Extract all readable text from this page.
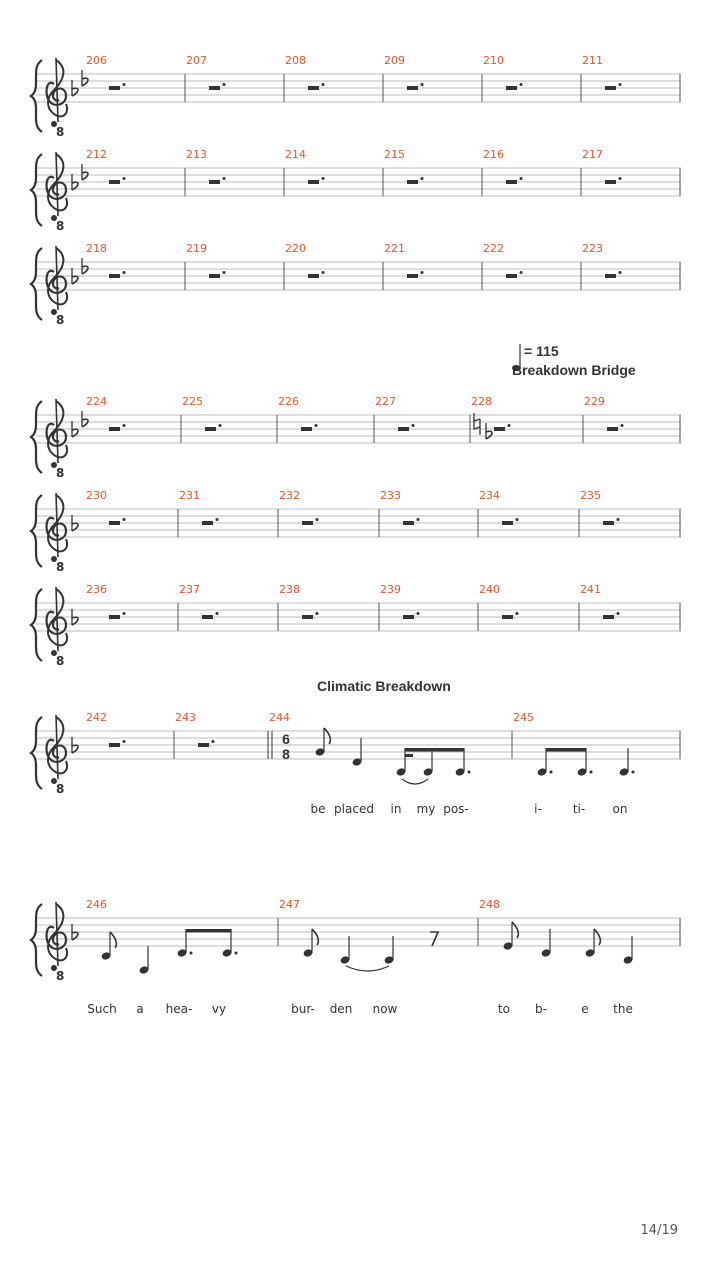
8
206	207	208	209	210	211
8
212	213	214	215	216	217
8
218	219	220	221	222	223
8
224	225	226	227	228	229
8
230	231	232	233	234	235
8
236	237	238	239	240	241
8
242	243	244	245
8
246	247	248
= 115
Breakdown Bridge
Climatic Breakdown
6
8
be placed in my pos-	i-	ti- on
Such a hea- vy	bur- den now	to b-	e the
14/19
